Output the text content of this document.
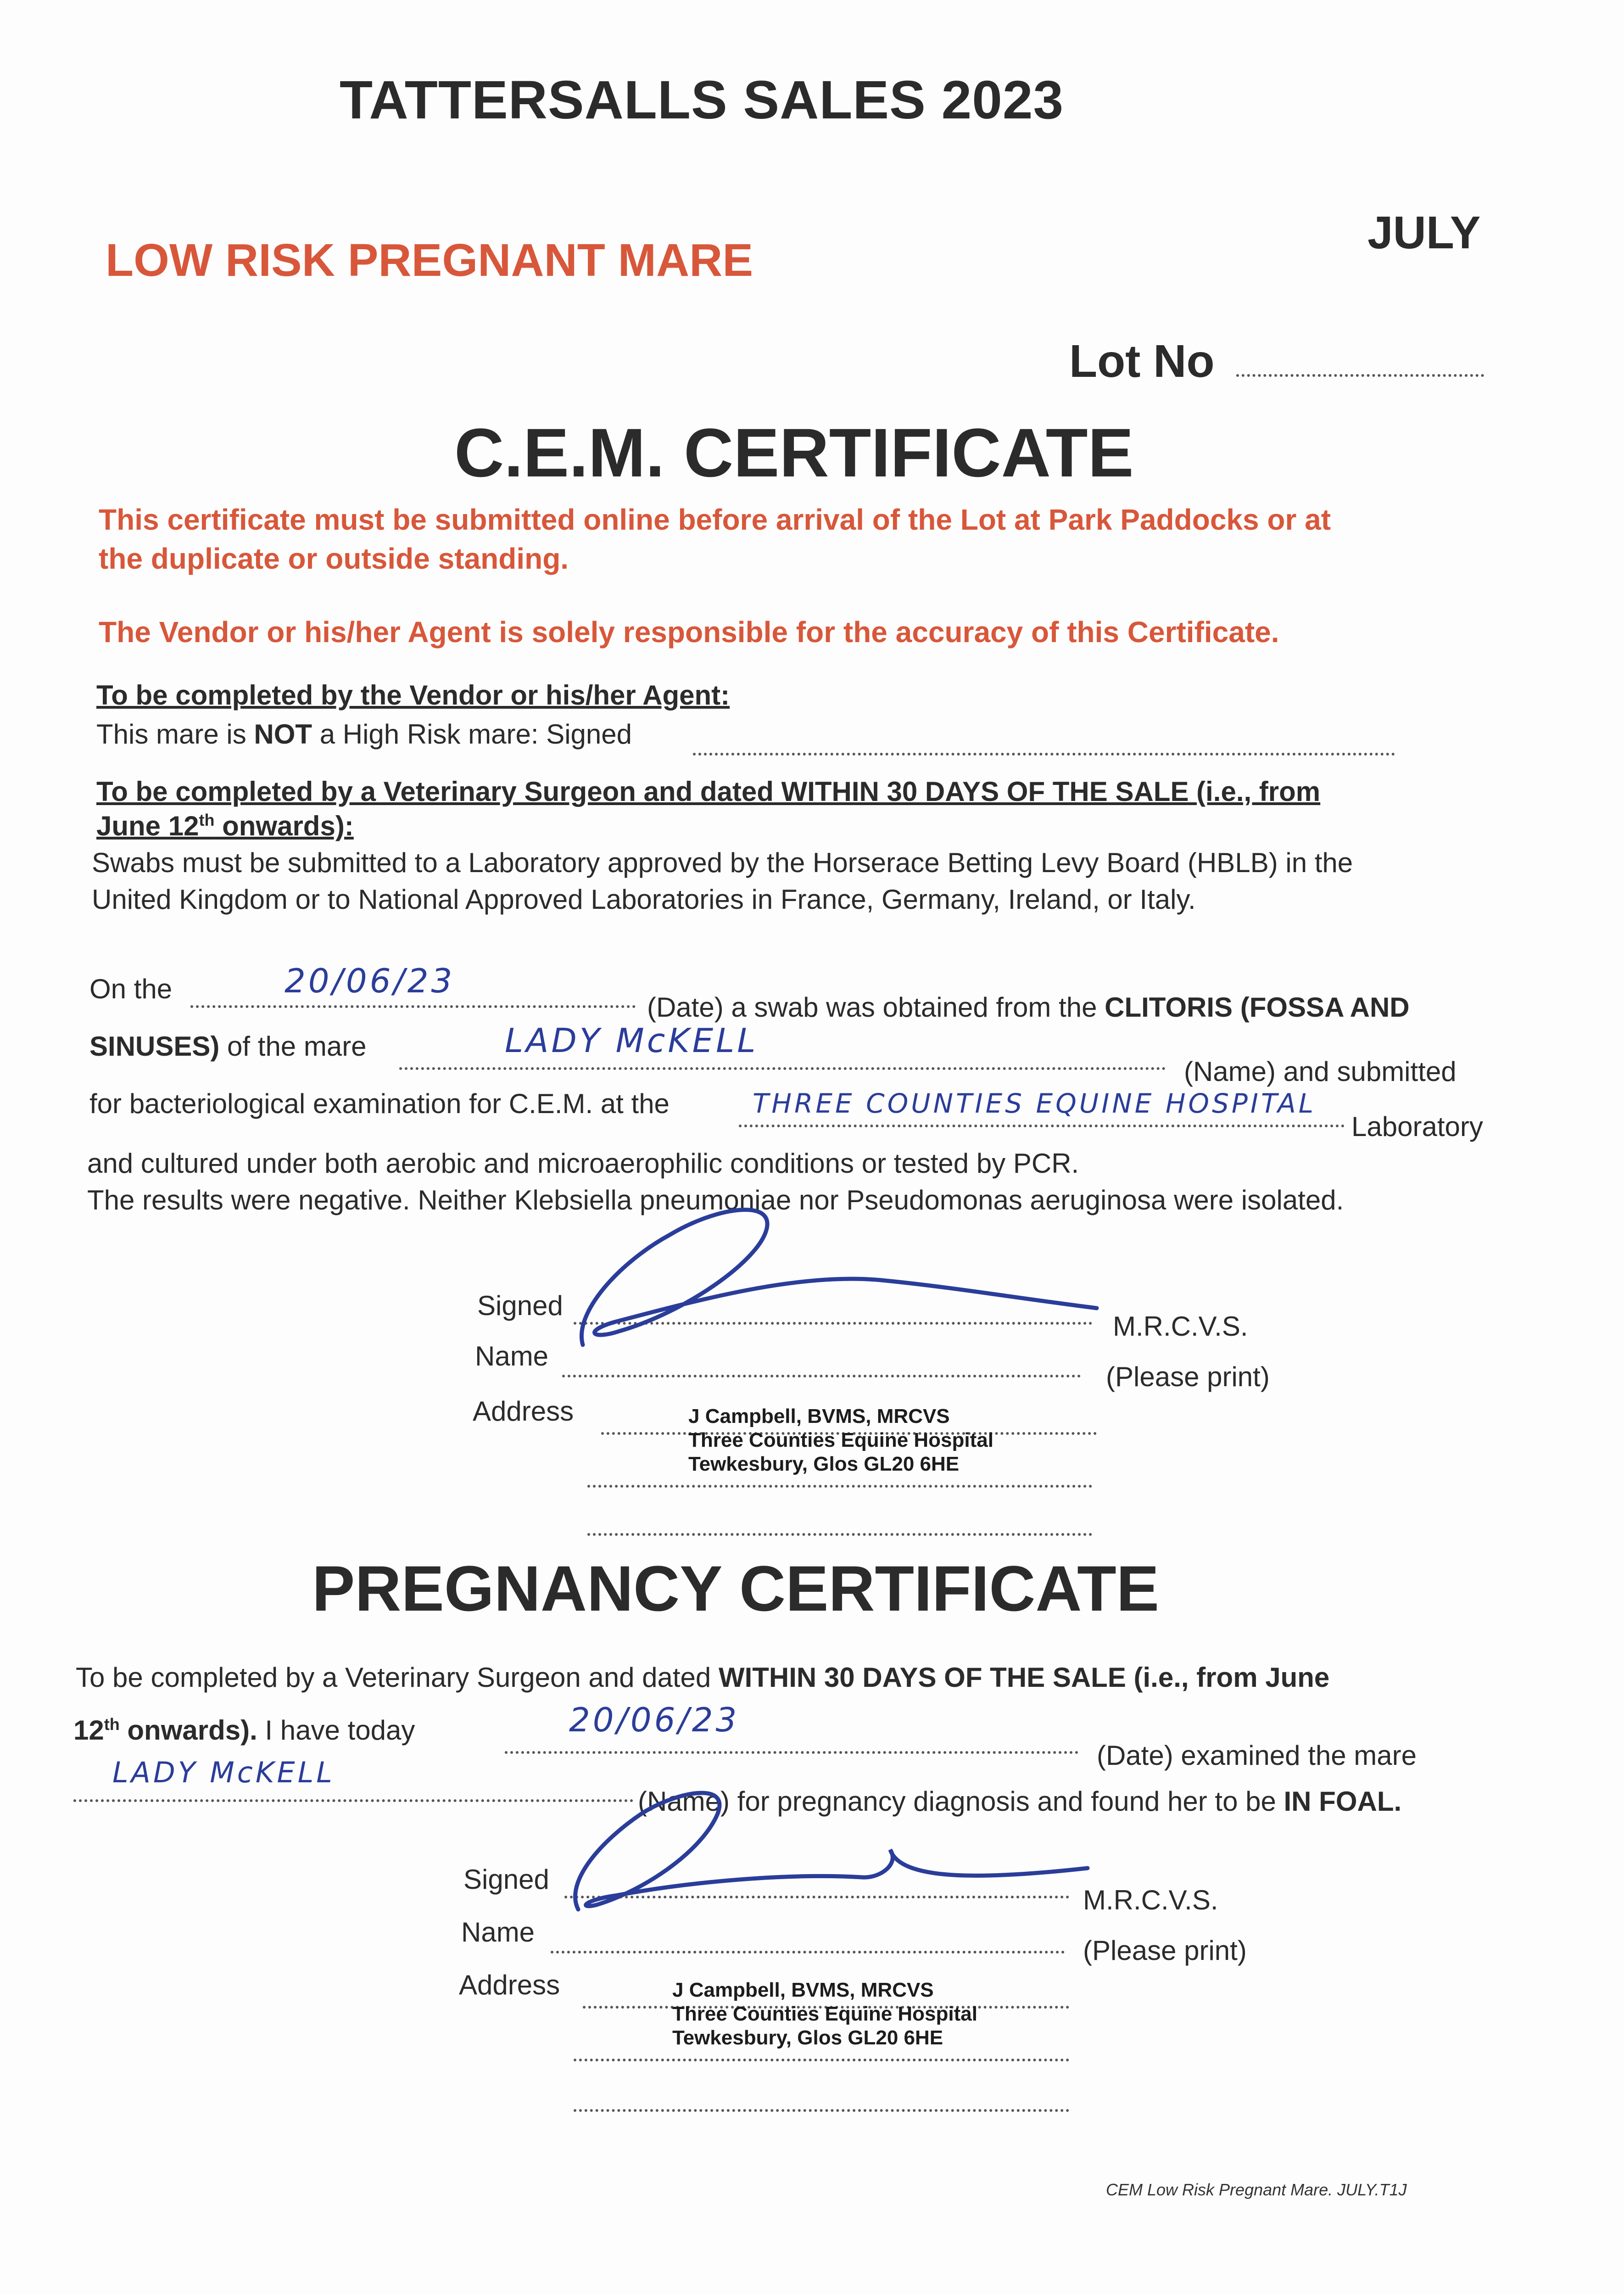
TATTERSALLS SALES 2023
JULY
LOW RISK PREGNANT MARE
Lot No
C.E.M. CERTIFICATE
This certificate must be submitted online before arrival of the Lot at Park Paddocks or at
the duplicate or outside standing.
The Vendor or his/her Agent is solely responsible for the accuracy of this Certificate.
To be completed by the Vendor or his/her Agent:
This mare is NOT a High Risk mare: Signed
To be completed by a Veterinary Surgeon and dated WITHIN 30 DAYS OF THE SALE (i.e., from
June 12th onwards):
Swabs must be submitted to a Laboratory approved by the Horserace Betting Levy Board (HBLB) in the
United Kingdom or to National Approved Laboratories in France, Germany, Ireland, or Italy.
On the	20/06/23
(Date) a swab was obtained from the CLITORIS (FOSSA AND
SINUSES) of the mare	LADY McKELL
(Name) and submitted
for bacteriological examination for C.E.M. at the	THREE COUNTIES EQUINE HOSPITAL
Laboratory
and cultured under both aerobic and microaerophilic conditions or tested by PCR.
The results were negative. Neither Klebsiella pneumoniae nor Pseudomonas aeruginosa were isolated.
Signed
M.R.C.V.S.
Name
(Please print)
Address	J Campbell, BVMS, MRCVS
Three Counties Equine Hospital
Tewkesbury, Glos GL20 6HE
PREGNANCY CERTIFICATE
To be completed by a Veterinary Surgeon and dated WITHIN 30 DAYS OF THE SALE (i.e., from June
12th onwards). I have today	20/06/23
(Date) examined the mare
LADY McKELL
(Name) for pregnancy diagnosis and found her to be IN FOAL.
Signed
M.R.C.V.S.
Name
(Please print)
Address	J Campbell, BVMS, MRCVS
Three Counties Equine Hospital
Tewkesbury, Glos GL20 6HE
CEM Low Risk Pregnant Mare. JULY.T1J
